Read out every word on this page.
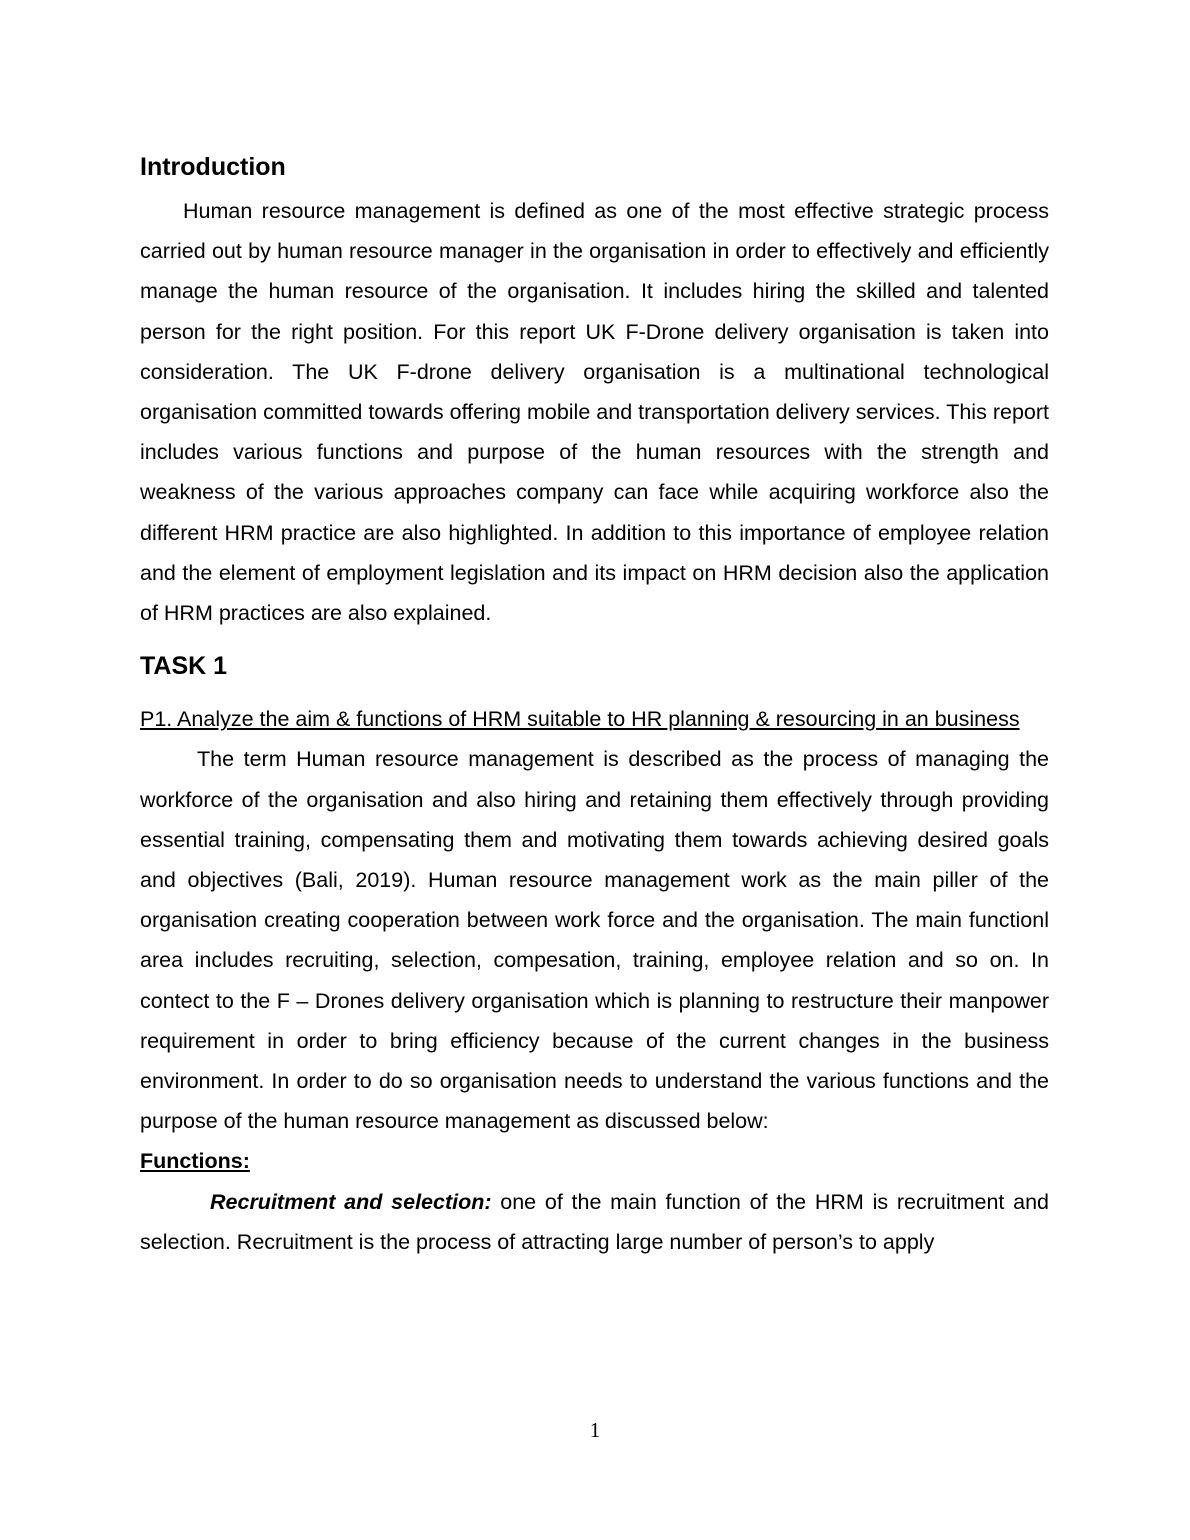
Introduction

Human resource management is defined as one of the most effective strategic process carried out by human resource manager in the organisation in order to effectively and efficiently manage the human resource of the organisation. It includes hiring the skilled and talented person for the right position. For this report UK F-Drone delivery organisation is taken into consideration. The UK F-drone delivery organisation is a multinational technological organisation committed towards offering mobile and transportation delivery services. This report includes various functions and purpose of the human resources with the strength and weakness of the various approaches company can face while acquiring workforce also the different HRM practice are also highlighted. In addition to this importance of employee relation and the element of employment legislation and its impact on HRM decision also the application of HRM practices are also explained.

TASK 1

P1. Analyze the aim & functions of HRM suitable to HR planning & resourcing in an business

The term Human resource management is described as the process of managing the workforce of the organisation and also hiring and retaining them effectively through providing essential training, compensating them and motivating them towards achieving desired goals and objectives (Bali, 2019). Human resource management work as the main piller of the organisation creating cooperation between work force and the organisation. The main functionl area includes recruiting, selection, compesation, training, employee relation and so on. In contect to the F – Drones delivery organisation which is planning to restructure their manpower requirement in order to bring efficiency because of the current changes in the business environment. In order to do so organisation needs to understand the various functions and the purpose of the human resource management as discussed below:

Functions:

Recruitment and selection: one of the main function of the HRM is recruitment and selection. Recruitment is the process of attracting large number of person’s to apply

1
